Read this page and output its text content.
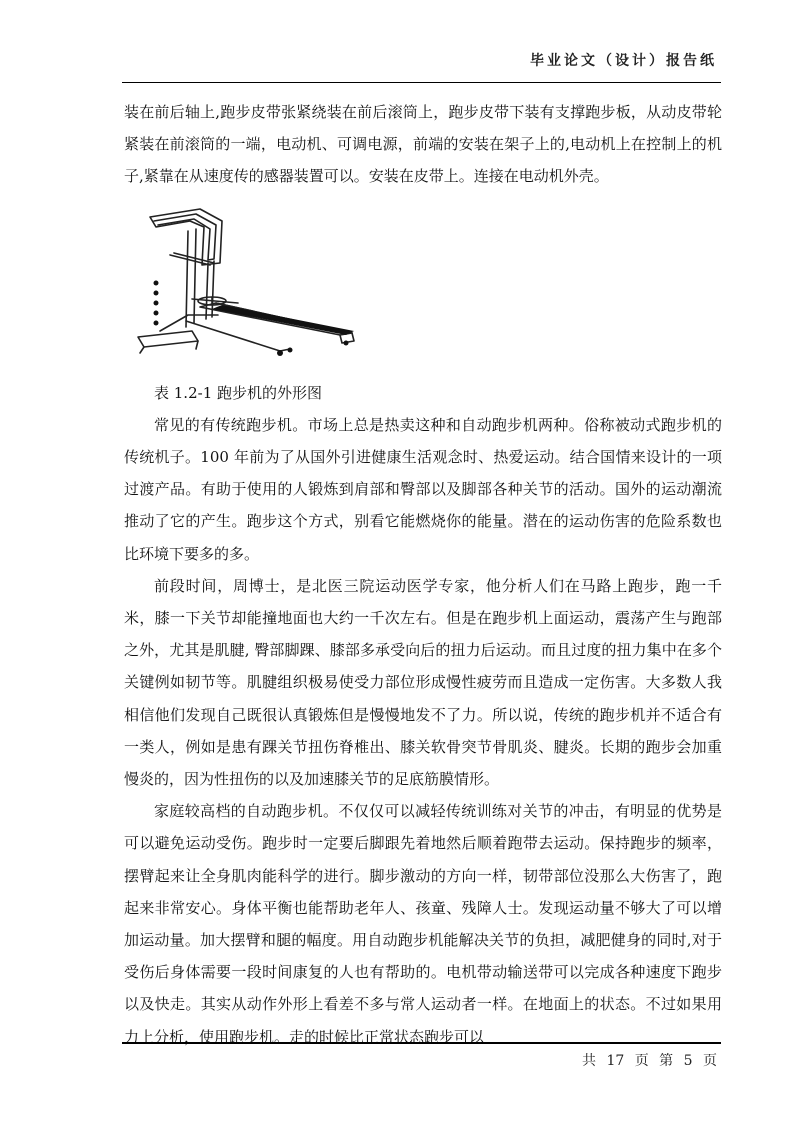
毕业论文（设计）报告纸

装在前后轴上,跑步皮带张紧绕装在前后滚筒上，跑步皮带下装有支撑跑步板，从动皮带轮紧装在前滚筒的一端，电动机、可调电源，前端的安装在架子上的,电动机上在控制上的机子,紧靠在从速度传的感器装置可以。安装在皮带上。连接在电动机外壳。

表 1.2-1 跑步机的外形图

常见的有传统跑步机。市场上总是热卖这种和自动跑步机两种。俗称被动式跑步机的传统机子。100 年前为了从国外引进健康生活观念时、热爱运动。结合国情来设计的一项过渡产品。有助于使用的人锻炼到肩部和臀部以及脚部各种关节的活动。国外的运动潮流推动了它的产生。跑步这个方式，别看它能燃烧你的能量。潜在的运动伤害的危险系数也比环境下要多的多。

前段时间，周博士，是北医三院运动医学专家，他分析人们在马路上跑步，跑一千米，膝一下关节却能撞地面也大约一千次左右。但是在跑步机上面运动，震荡产生与跑部之外，尤其是肌腱, 臀部脚踝、膝部多承受向后的扭力后运动。而且过度的扭力集中在多个关键例如韧节等。肌腱组织极易使受力部位形成慢性疲劳而且造成一定伤害。大多数人我相信他们发现自己既很认真锻炼但是慢慢地发不了力。所以说，传统的跑步机并不适合有一类人，例如是患有踝关节扭伤脊椎出、膝关软骨突节骨肌炎、腱炎。长期的跑步会加重慢炎的，因为性扭伤的以及加速膝关节的足底筋膜情形。

家庭较高档的自动跑步机。不仅仅可以减轻传统训练对关节的冲击，有明显的优势是可以避免运动受伤。跑步时一定要后脚跟先着地然后顺着跑带去运动。保持跑步的频率，摆臂起来让全身肌肉能科学的进行。脚步激动的方向一样，韧带部位没那么大伤害了，跑起来非常安心。身体平衡也能帮助老年人、孩童、残障人士。发现运动量不够大了可以增加运动量。加大摆臂和腿的幅度。用自动跑步机能解决关节的负担，减肥健身的同时,对于受伤后身体需要一段时间康复的人也有帮助的。电机带动输送带可以完成各种速度下跑步以及快走。其实从动作外形上看差不多与常人运动者一样。在地面上的状态。不过如果用力上分析，使用跑步机。走的时候比正常状态跑步可以

共 17 页 第 5 页
